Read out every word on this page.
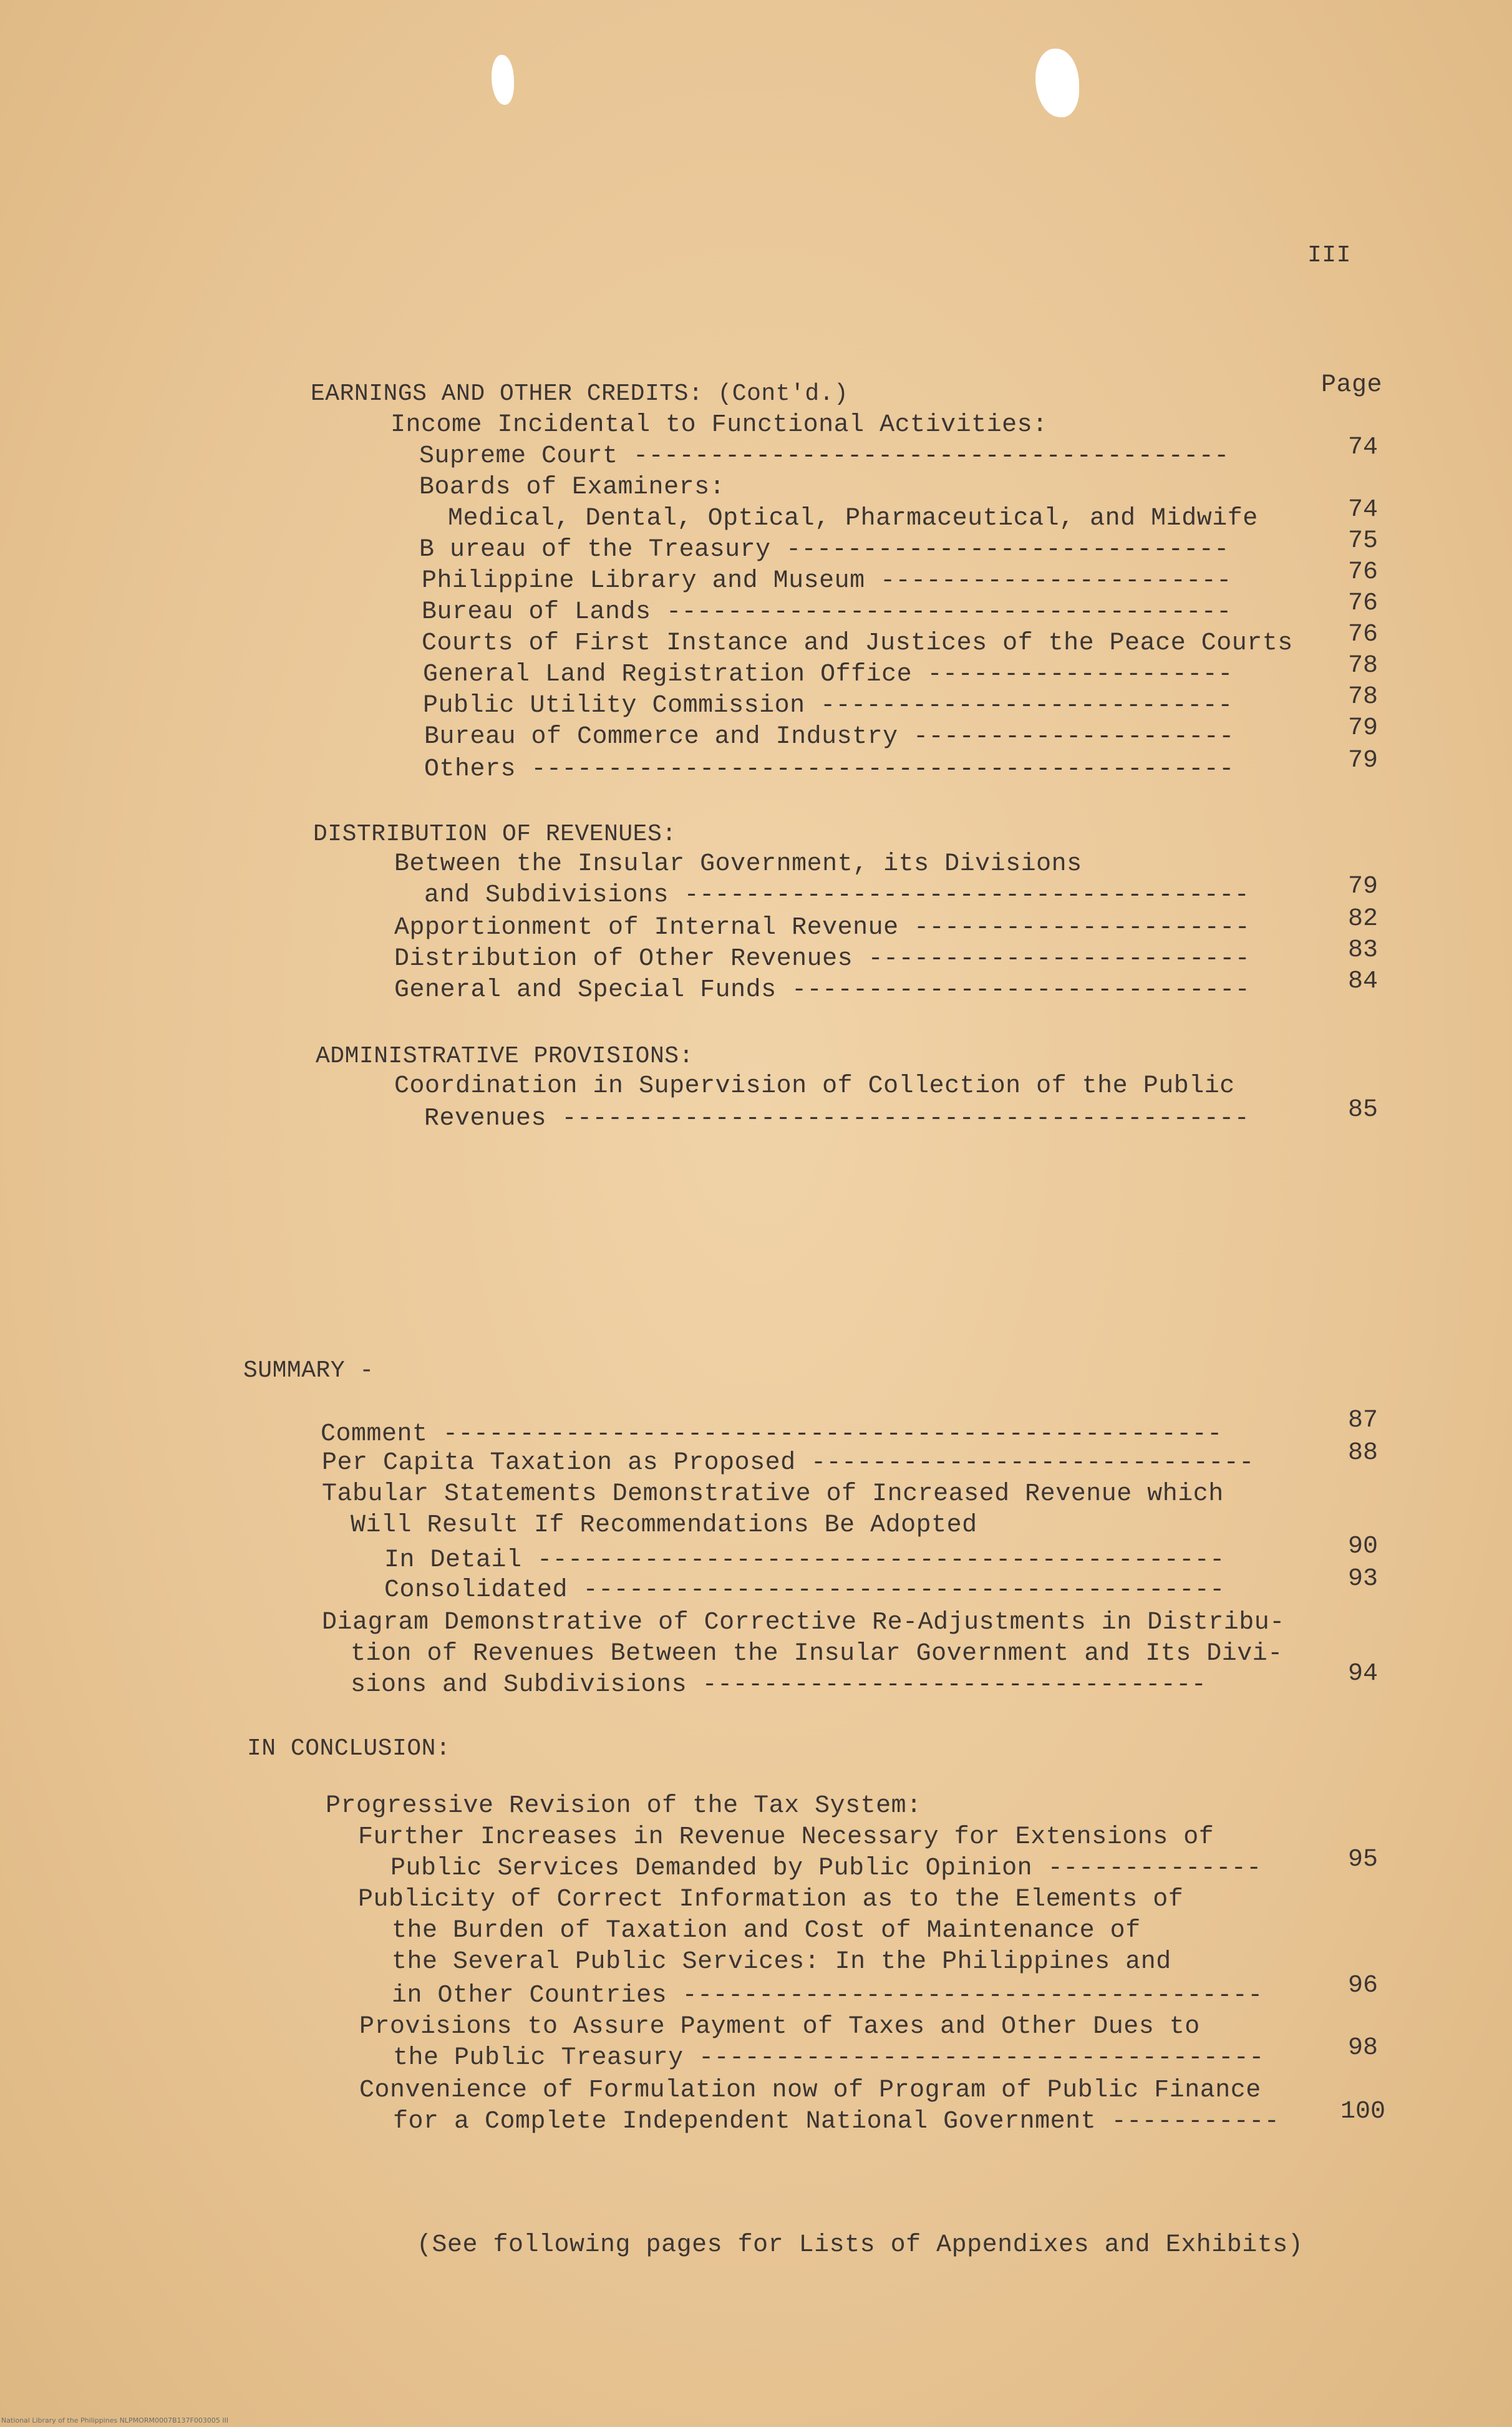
III
Page
EARNINGS AND OTHER CREDITS: (Cont'd.)
Income Incidental to Functional Activities:
Supreme Court ---------------------------------------	74
Boards of Examiners:
Medical, Dental, Optical, Pharmaceutical, and Midwife	74
B ureau of the Treasury -----------------------------	75
Philippine Library and Museum -----------------------	76
Bureau of Lands -------------------------------------	76
Courts of First Instance and Justices of the Peace Courts	76
General Land Registration Office --------------------	78
Public Utility Commission ---------------------------	78
Bureau of Commerce and Industry ---------------------	79
Others ----------------------------------------------	79
DISTRIBUTION OF REVENUES:
Between the Insular Government, its Divisions
and Subdivisions -------------------------------------	79
Apportionment of Internal Revenue ----------------------	82
Distribution of Other Revenues -------------------------	83
General and Special Funds ------------------------------	84
ADMINISTRATIVE PROVISIONS:
Coordination in Supervision of Collection of the Public
Revenues ---------------------------------------------	85
SUMMARY -
Comment ---------------------------------------------------	87
Per Capita Taxation as Proposed -----------------------------	88
Tabular Statements Demonstrative of Increased Revenue which
Will Result If Recommendations Be Adopted
In Detail ---------------------------------------------	90
Consolidated ------------------------------------------	93
Diagram Demonstrative of Corrective Re-Adjustments in Distribu-
tion of Revenues Between the Insular Government and Its Divi-
sions and Subdivisions ---------------------------------	94
IN CONCLUSION:
Progressive Revision of the Tax System:
Further Increases in Revenue Necessary for Extensions of
Public Services Demanded by Public Opinion --------------	95
Publicity of Correct Information as to the Elements of
the Burden of Taxation and Cost of Maintenance of
the Several Public Services: In the Philippines and
in Other Countries --------------------------------------	96
Provisions to Assure Payment of Taxes and Other Dues to
the Public Treasury -------------------------------------	98
Convenience of Formulation now of Program of Public Finance
for a Complete Independent National Government ----------- 100
(See following pages for Lists of Appendixes and Exhibits)
National Library of the Philippines NLPMORM0007B137F003005 III
